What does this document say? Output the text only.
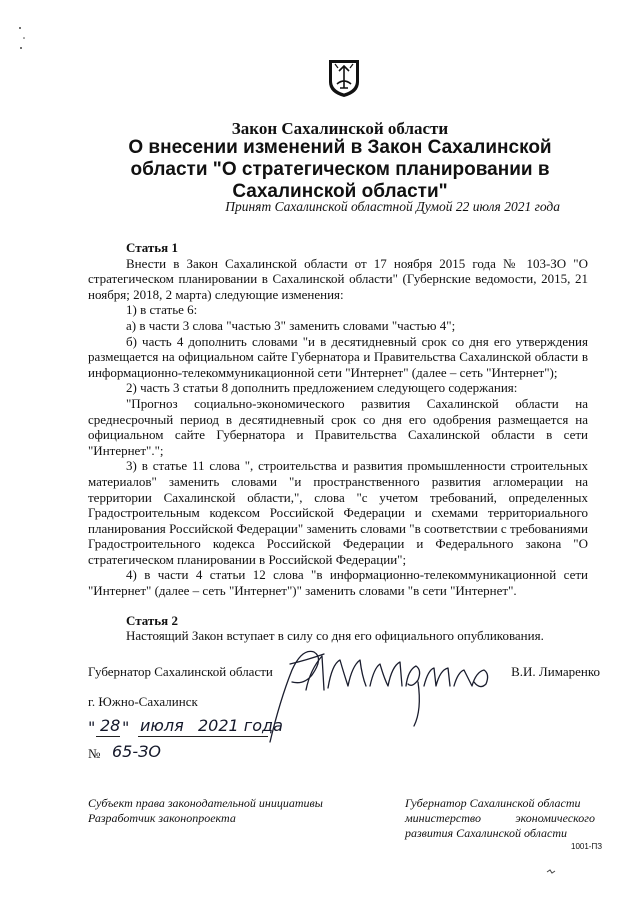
Закон Сахалинской области
О внесении изменений в Закон Сахалинской
области "О стратегическом планировании в
Сахалинской области"
Принят Сахалинской областной Думой 22 июля 2021 года

Статья 1

Внести в Закон Сахалинской области от 17 ноября 2015 года № 103-ЗО "О стратегическом планировании в Сахалинской области" (Губернские ведомости, 2015, 21 ноября; 2018, 2 марта) следующие изменения:

1) в статье 6:

а) в части 3 слова "частью 3" заменить словами "частью 4";

б) часть 4 дополнить словами "и в десятидневный срок со дня его утверждения размещается на официальном сайте Губернатора и Правительства Сахалинской области в информационно-телекоммуникационной сети "Интернет" (далее – сеть "Интернет");

2) часть 3 статьи 8 дополнить предложением следующего содержания:

"Прогноз социально-экономического развития Сахалинской области на среднесрочный период в десятидневный срок со дня его одобрения размещается на официальном сайте Губернатора и Правительства Сахалинской области в сети "Интернет".";

3) в статье 11 слова ", строительства и развития промышленности строительных материалов" заменить словами "и пространственного развития агломерации на территории Сахалинской области,", слова "с учетом требований, определенных Градостроительным кодексом Российской Федерации и схемами территориального планирования Российской Федерации" заменить словами "в соответствии с требованиями Градостроительного кодекса Российской Федерации и Федерального закона "О стратегическом планировании в Российской Федерации";

4) в части 4 статьи 12 слова "в информационно-телекоммуникационной сети "Интернет" (далее – сеть "Интернет")" заменить словами "в сети "Интернет".

Статья 2

Настоящий Закон вступает в силу со дня его официального опубликования.

Губернатор Сахалинской области	В.И. Лимаренко
г. Южно-Сахалинск
" 28 " июля 2021 года
№ 65-ЗО
Субъект права законодательной инициативы
Разработчик законопроекта
Губернатор Сахалинской области
министерство	экономического
развития Сахалинской области
1001-ПЗ
